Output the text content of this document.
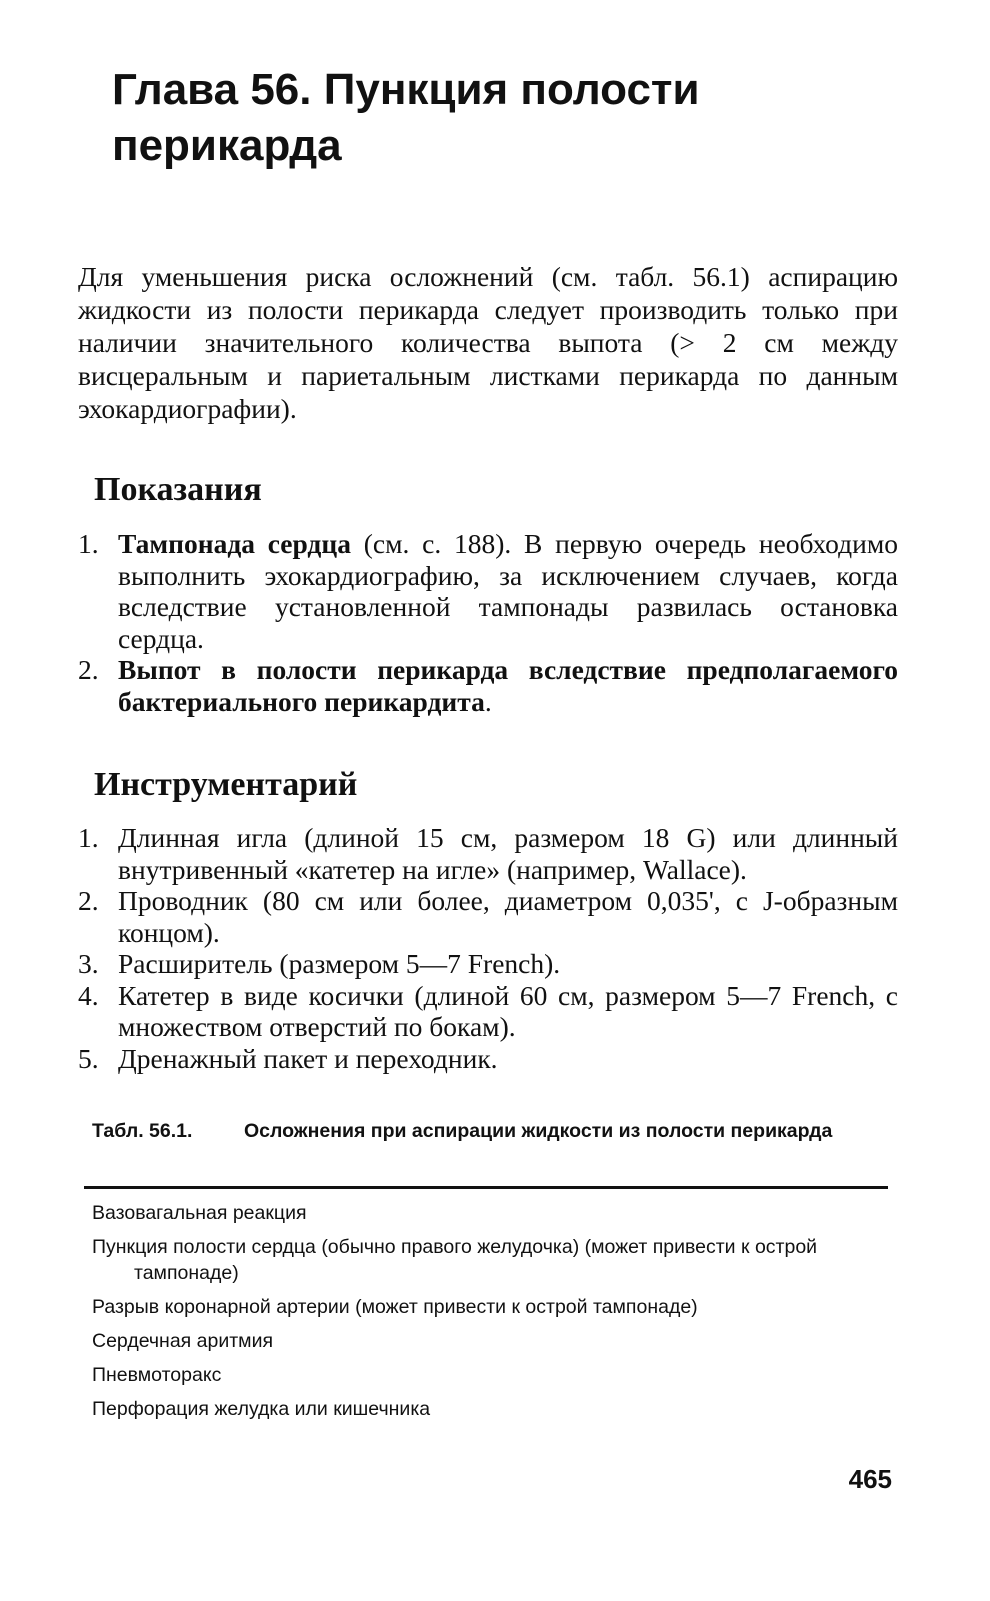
Глава 56. Пункция полости перикарда

Для уменьшения риска осложнений (см. табл. 56.1) аспирацию жидкости из полости перикарда следует производить только при наличии значительного количества выпота (> 2 см между висцеральным и париетальным листками перикарда по данным эхокардиографии).

Показания
1. Тампонада сердца (см. с. 188). В первую очередь необходимо выполнить эхокардиографию, за исключением случаев, когда вследствие установленной тампонады развилась остановка сердца.
2. Выпот в полости перикарда вследствие предполагаемого бактериального перикардита.
Инструментарий
1. Длинная игла (длиной 15 см, размером 18 G) или длинный внутривенный «катетер на игле» (например, Wallace).
2. Проводник (80 см или более, диаметром 0,035', с J-образным концом).
3. Расширитель (размером 5—7 French).
4. Катетер в виде косички (длиной 60 см, размером 5—7 French, с множеством отверстий по бокам).
5. Дренажный пакет и переходник.
Табл. 56.1.	Осложнения при аспирации жидкости из полости перикарда
Вазовагальная реакция
Пункция полости сердца (обычно правого желудочка) (может привести к острой тампонаде)
Разрыв коронарной артерии (может привести к острой тампонаде)
Сердечная аритмия
Пневмоторакс
Перфорация желудка или кишечника
465
